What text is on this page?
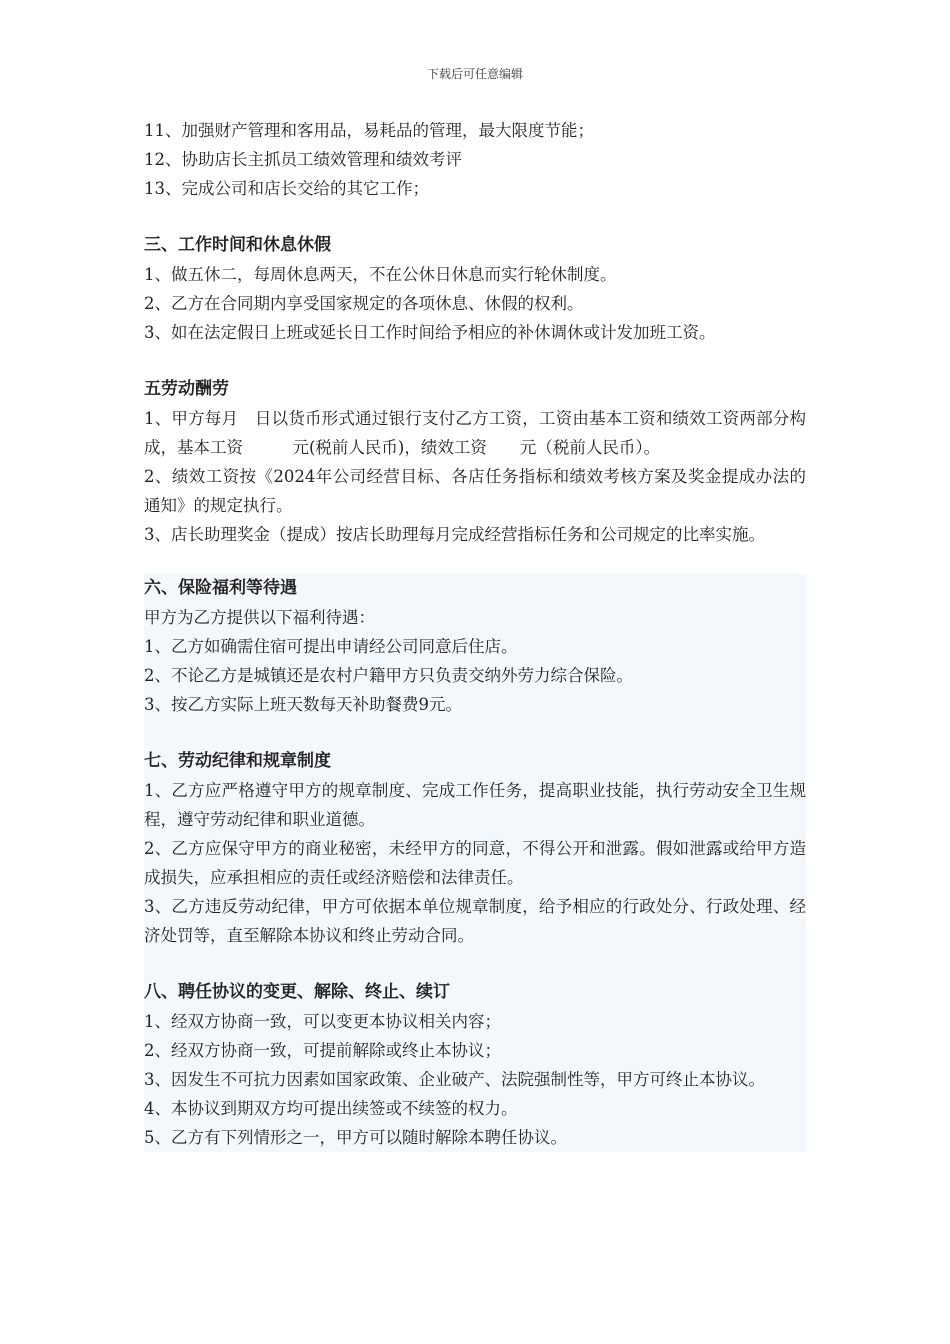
下载后可任意编辑

11、加强财产管理和客用品，易耗品的管理，最大限度节能；

12、协助店长主抓员工绩效管理和绩效考评

13、完成公司和店长交给的其它工作；

三、工作时间和休息休假

1、做五休二，每周休息两天，不在公休日休息而实行轮休制度。

2、乙方在合同期内享受国家规定的各项休息、休假的权利。

3、如在法定假日上班或延长日工作时间给予相应的补休调休或计发加班工资。

五劳动酬劳

1、甲方每月　日以货币形式通过银行支付乙方工资，工资由基本工资和绩效工资两部分构成，基本工资　　　元(税前人民币)，绩效工资　　元（税前人民币）。

2、绩效工资按《2024年公司经营目标、各店任务指标和绩效考核方案及奖金提成办法的通知》的规定执行。

3、店长助理奖金（提成）按店长助理每月完成经营指标任务和公司规定的比率实施。

六、保险福利等待遇

甲方为乙方提供以下福利待遇：

1、乙方如确需住宿可提出申请经公司同意后住店。

2、不论乙方是城镇还是农村户籍甲方只负责交纳外劳力综合保险。

3、按乙方实际上班天数每天补助餐费9元。

七、劳动纪律和规章制度

1、乙方应严格遵守甲方的规章制度、完成工作任务，提高职业技能，执行劳动安全卫生规程，遵守劳动纪律和职业道德。

2、乙方应保守甲方的商业秘密，未经甲方的同意，不得公开和泄露。假如泄露或给甲方造成损失，应承担相应的责任或经济赔偿和法律责任。

3、乙方违反劳动纪律，甲方可依据本单位规章制度，给予相应的行政处分、行政处理、经济处罚等，直至解除本协议和终止劳动合同。

八、聘任协议的变更、解除、终止、续订

1、经双方协商一致，可以变更本协议相关内容；

2、经双方协商一致，可提前解除或终止本协议；

3、因发生不可抗力因素如国家政策、企业破产、法院强制性等，甲方可终止本协议。

4、本协议到期双方均可提出续签或不续签的权力。

5、乙方有下列情形之一，甲方可以随时解除本聘任协议。
